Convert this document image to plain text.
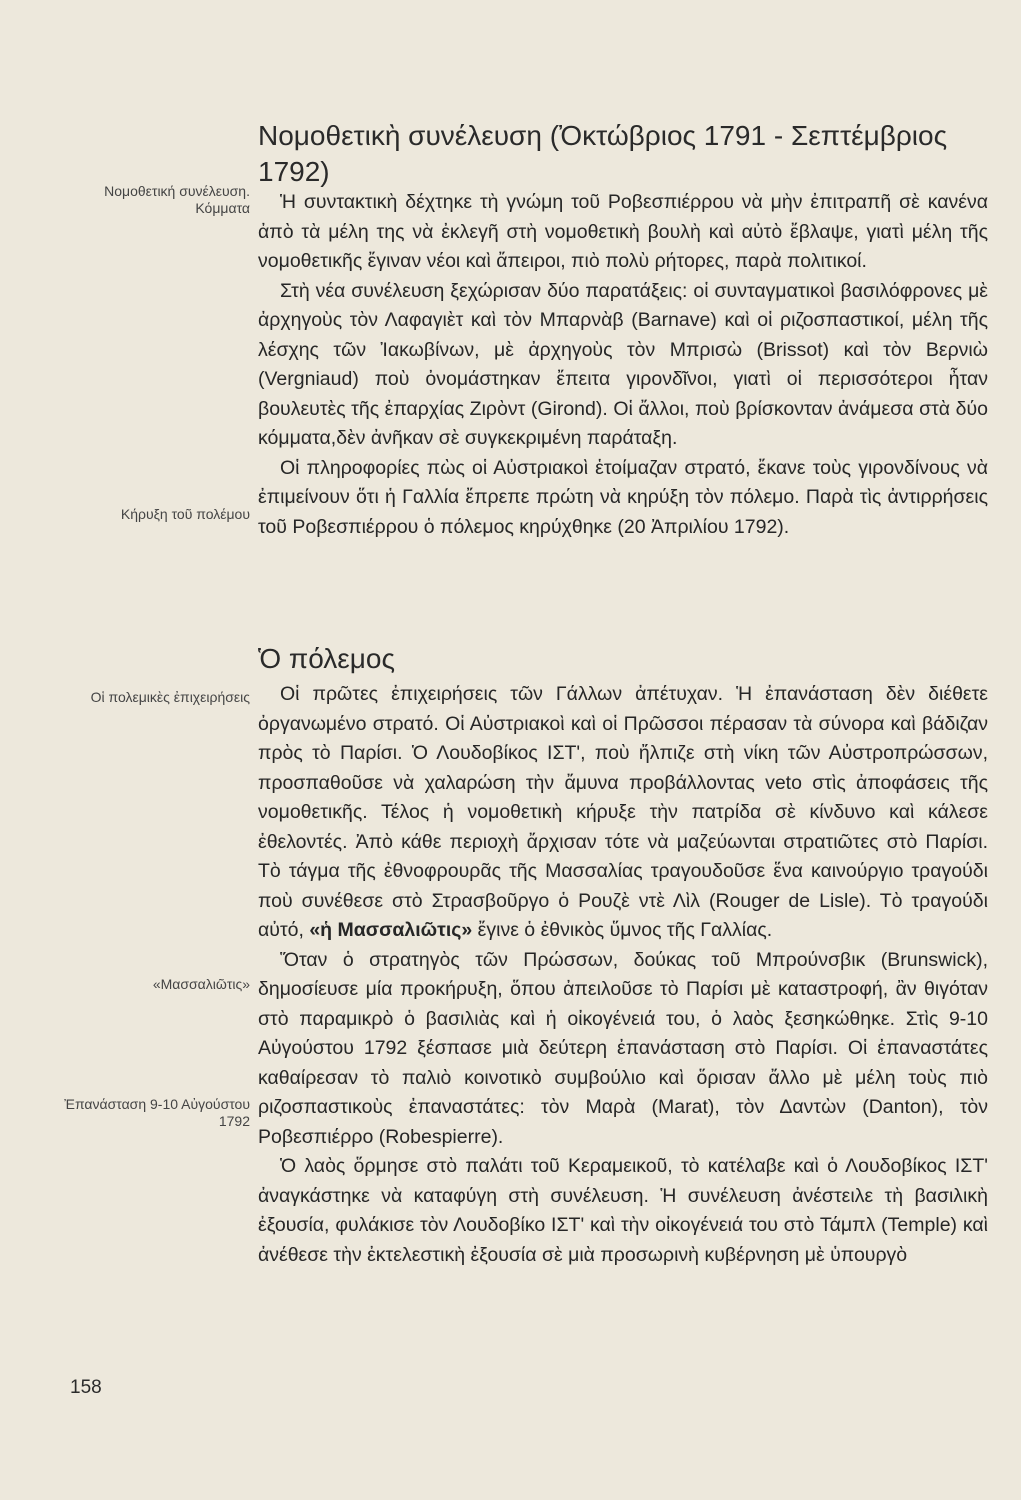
Νομοθετική συνέλευση. Κόμματα
Κήρυξη τοῦ πολέμου
Οἱ πολεμικὲς ἐπιχειρήσεις
«Μασσαλιῶτις»
Ἐπανάσταση 9-10 Αὐγούστου 1792
Νομοθετικὴ συνέλευση (Ὀκτώβριος 1791 - Σεπτέμβριος 1792)

Ἡ συντακτικὴ δέχτηκε τὴ γνώμη τοῦ Ροβεσπιέρρου νὰ μὴν ἐπιτραπῆ σὲ κανένα ἀπὸ τὰ μέλη της νὰ ἐκλεγῆ στὴ νομοθετικὴ βουλὴ καὶ αὐτὸ ἔβλαψε, γιατὶ μέλη τῆς νομοθετικῆς ἔγιναν νέοι καὶ ἄπειροι, πιὸ πολὺ ρήτορες, παρὰ πολιτικοί.

Στὴ νέα συνέλευση ξεχώρισαν δύο παρατάξεις: οἱ συνταγματικοὶ βασιλόφρονες μὲ ἀρχηγοὺς τὸν Λαφαγιὲτ καὶ τὸν Μπαρνὰβ (Barnave) καὶ οἱ ριζοσπαστικοί, μέλη τῆς λέσχης τῶν Ἰακωβίνων, μὲ ἀρχηγοὺς τὸν Μπρισὼ (Brissot) καὶ τὸν Βερνιὼ (Vergniaud) ποὺ ὀνομάστηκαν ἔπειτα γιρονδῖνοι, γιατὶ οἱ περισσότεροι ἦταν βουλευτὲς τῆς ἐπαρχίας Ζιρὸντ (Girond). Οἱ ἄλλοι, ποὺ βρίσκονταν ἀνάμεσα στὰ δύο κόμματα,δὲν ἀνῆκαν σὲ συγκεκριμένη παράταξη.

Οἱ πληροφορίες πὼς οἱ Αὐστριακοὶ ἑτοίμαζαν στρατό, ἔκανε τοὺς γιρονδίνους νὰ ἐπιμείνουν ὅτι ἡ Γαλλία ἔπρεπε πρώτη νὰ κηρύξη τὸν πόλεμο. Παρὰ τὶς ἀντιρρήσεις τοῦ Ροβεσπιέρρου ὁ πόλεμος κηρύχθηκε (20 Ἀπριλίου 1792).

Ὁ πόλεμος

Οἱ πρῶτες ἐπιχειρήσεις τῶν Γάλλων ἀπέτυχαν. Ἡ ἐπανάσταση δὲν διέθετε ὀργανωμένο στρατό. Οἱ Αὐστριακοὶ καὶ οἱ Πρῶσσοι πέρασαν τὰ σύνορα καὶ βάδιζαν πρὸς τὸ Παρίσι. Ὁ Λουδοβίκος ΙΣΤ', ποὺ ἤλπιζε στὴ νίκη τῶν Αὐστροπρώσσων, προσπαθοῦσε νὰ χαλαρώση τὴν ἄμυνα προβάλλοντας veto στὶς ἀποφάσεις τῆς νομοθετικῆς. Τέλος ἡ νομοθετικὴ κήρυξε τὴν πατρίδα σὲ κίνδυνο καὶ κάλεσε ἐθελοντές. Ἀπὸ κάθε περιοχὴ ἄρχισαν τότε νὰ μαζεύωνται στρατιῶτες στὸ Παρίσι. Τὸ τάγμα τῆς ἐθνοφρουρᾶς τῆς Μασσαλίας τραγουδοῦσε ἕνα καινούργιο τραγούδι ποὺ συνέθεσε στὸ Στρασβοῦργο ὁ Ρουζὲ ντὲ Λὶλ (Rouger de Lisle). Τὸ τραγούδι αὐτό, «ἡ Μασσαλιῶτις» ἔγινε ὁ ἐθνικὸς ὕμνος τῆς Γαλλίας.

Ὅταν ὁ στρατηγὸς τῶν Πρώσσων, δούκας τοῦ Μπρούνσβικ (Brunswick), δημοσίευσε μία προκήρυξη, ὅπου ἀπειλοῦσε τὸ Παρίσι μὲ καταστροφή, ἂν θιγόταν στὸ παραμικρὸ ὁ βασιλιὰς καὶ ἡ οἰκογένειά του, ὁ λαὸς ξεσηκώθηκε. Στὶς 9-10 Αὐγούστου 1792 ξέσπασε μιὰ δεύτερη ἐπανάσταση στὸ Παρίσι. Οἱ ἐπαναστάτες καθαίρεσαν τὸ παλιὸ κοινοτικὸ συμβούλιο καὶ ὅρισαν ἄλλο μὲ μέλη τοὺς πιὸ ριζοσπαστικοὺς ἐπαναστάτες: τὸν Μαρὰ (Marat), τὸν Δαντὼν (Danton), τὸν Ροβεσπιέρρο (Robespierre).

Ὁ λαὸς ὅρμησε στὸ παλάτι τοῦ Κεραμεικοῦ, τὸ κατέλαβε καὶ ὁ Λουδοβίκος ΙΣΤ' ἀναγκάστηκε νὰ καταφύγη στὴ συνέλευση. Ἡ συνέλευση ἀνέστειλε τὴ βασιλικὴ ἐξουσία, φυλάκισε τὸν Λουδοβίκο ΙΣΤ' καὶ τὴν οἰκογένειά του στὸ Τάμπλ (Temple) καὶ ἀνέθεσε τὴν ἐκτελεστικὴ ἐξουσία σὲ μιὰ προσωρινὴ κυβέρνηση μὲ ὑπουργὸ

158
